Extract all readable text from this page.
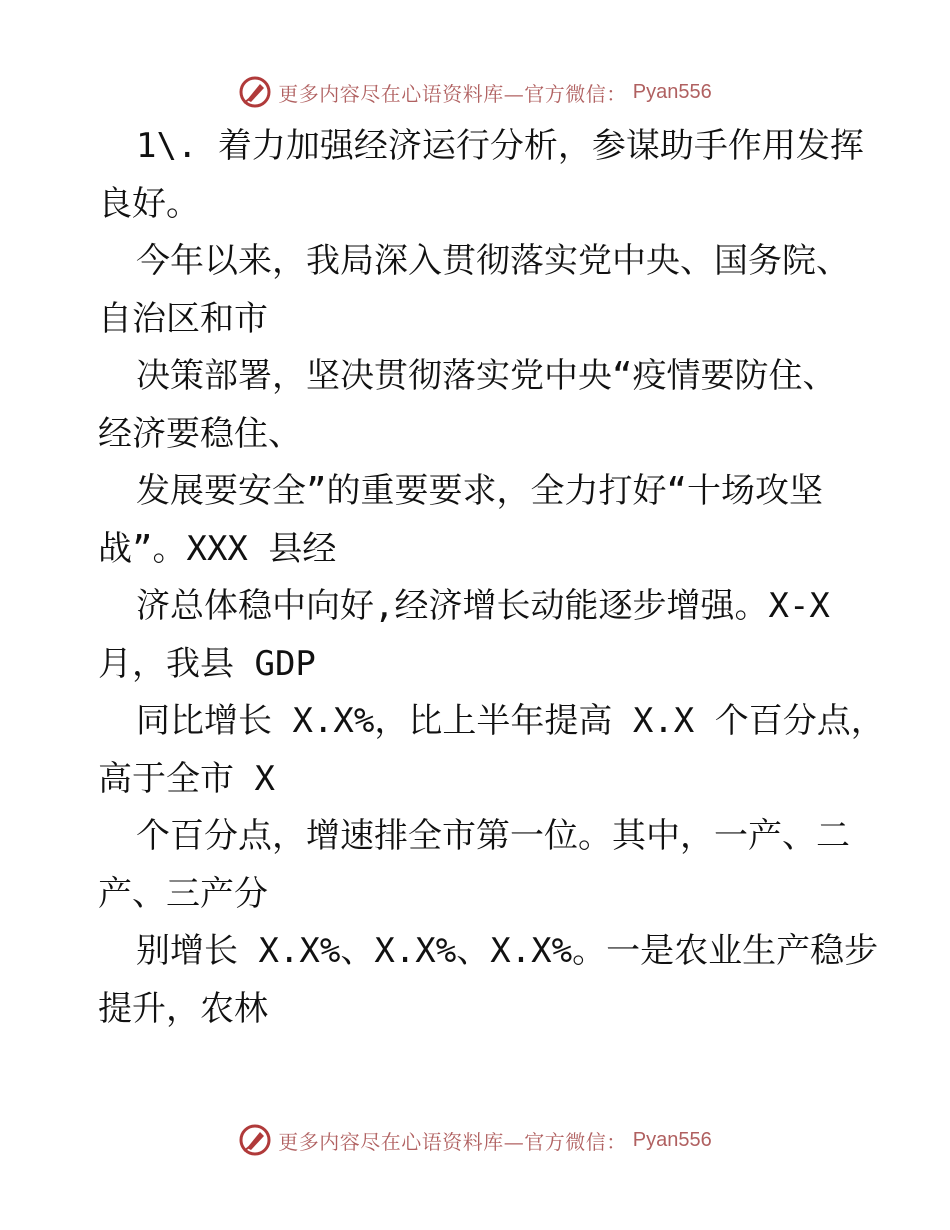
更多内容尽在心语资料库—官方微信： Pyan556
1\. 着力加强经济运行分析，参谋助手作用发挥
良好。
今年以来，我局深入贯彻落实党中央、国务院、
自治区和市
决策部署，坚决贯彻落实党中央“疫情要防住、
经济要稳住、
发展要安全”的重要要求，全力打好“十场攻坚
战”。XXX 县经
济总体稳中向好,经济增长动能逐步增强。X-X
月，我县 GDP
同比增长 X.X%，比上半年提高 X.X 个百分点，
高于全市 X
个百分点，增速排全市第一位。其中，一产、二
产、三产分
别增长 X.X%、X.X%、X.X%。一是农业生产稳步
提升，农林
更多内容尽在心语资料库—官方微信： Pyan556
